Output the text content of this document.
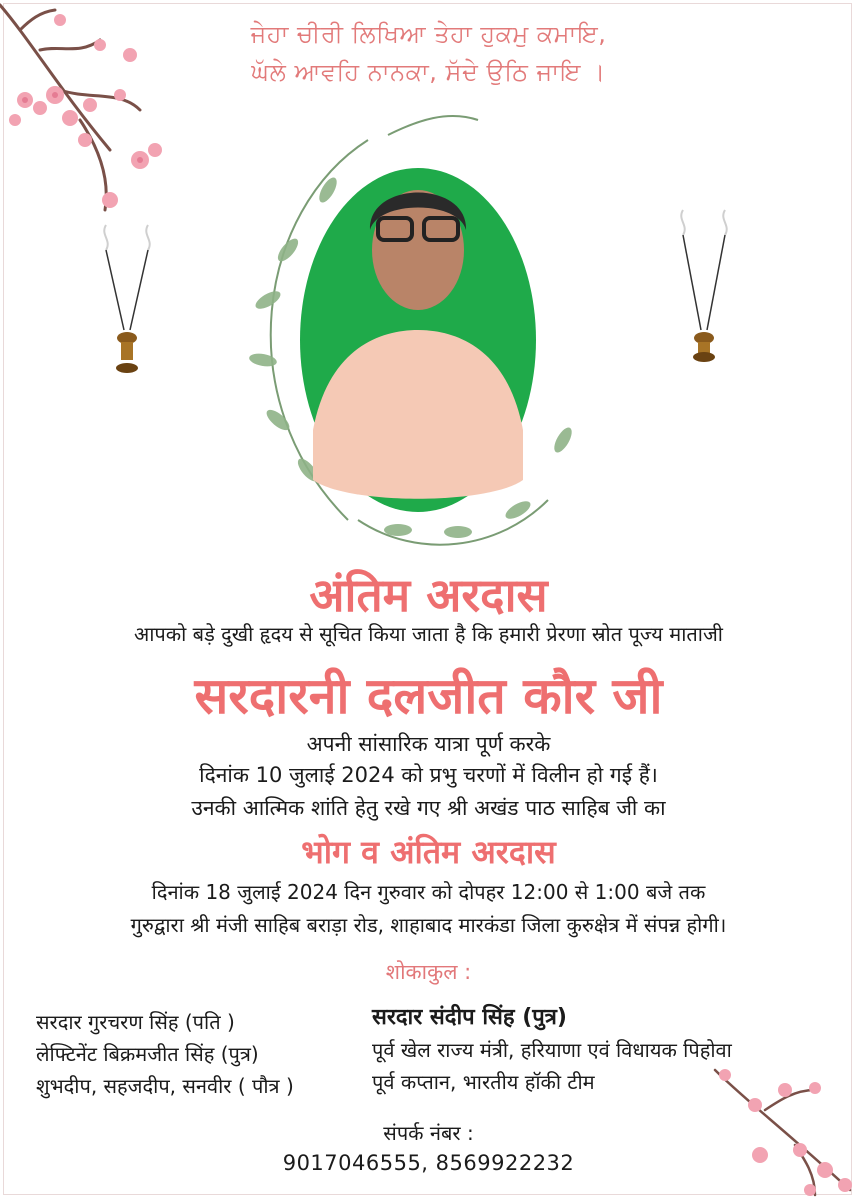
ਜੇਹਾ ਚੀਰੀ ਲਿਖਿਆ ਤੇਹਾ ਹੁਕਮੁ ਕਮਾਇ,
ਘੱਲੇ ਆਵਹਿ ਨਾਨਕਾ, ਸੱਦੇ ਉਠਿ ਜਾਇ ।
अंतिम अरदास
आपको बड़े दुखी हृदय से सूचित किया जाता है कि हमारी प्रेरणा स्रोत पूज्य माताजी
सरदारनी दलजीत कौर जी
अपनी सांसारिक यात्रा पूर्ण करके
दिनांक 10 जुलाई 2024 को प्रभु चरणों में विलीन हो गई हैं।
उनकी आत्मिक शांति हेतु रखे गए श्री अखंड पाठ साहिब जी का
भोग व अंतिम अरदास
दिनांक 18 जुलाई 2024 दिन गुरुवार को दोपहर 12:00 से 1:00 बजे तक
गुरुद्वारा श्री मंजी साहिब बराड़ा रोड, शाहाबाद मारकंडा जिला कुरुक्षेत्र में संपन्न होगी।
शोकाकुल :
सरदार गुरचरण सिंह (पति )
लेफ्टिनेंट बिक्रमजीत सिंह (पुत्र)
शुभदीप, सहजदीप, सनवीर ( पौत्र )
सरदार संदीप सिंह (पुत्र)
पूर्व खेल राज्य मंत्री, हरियाणा एवं विधायक पिहोवा
पूर्व कप्तान, भारतीय हॉकी टीम
संपर्क नंबर :
9017046555, 8569922232
